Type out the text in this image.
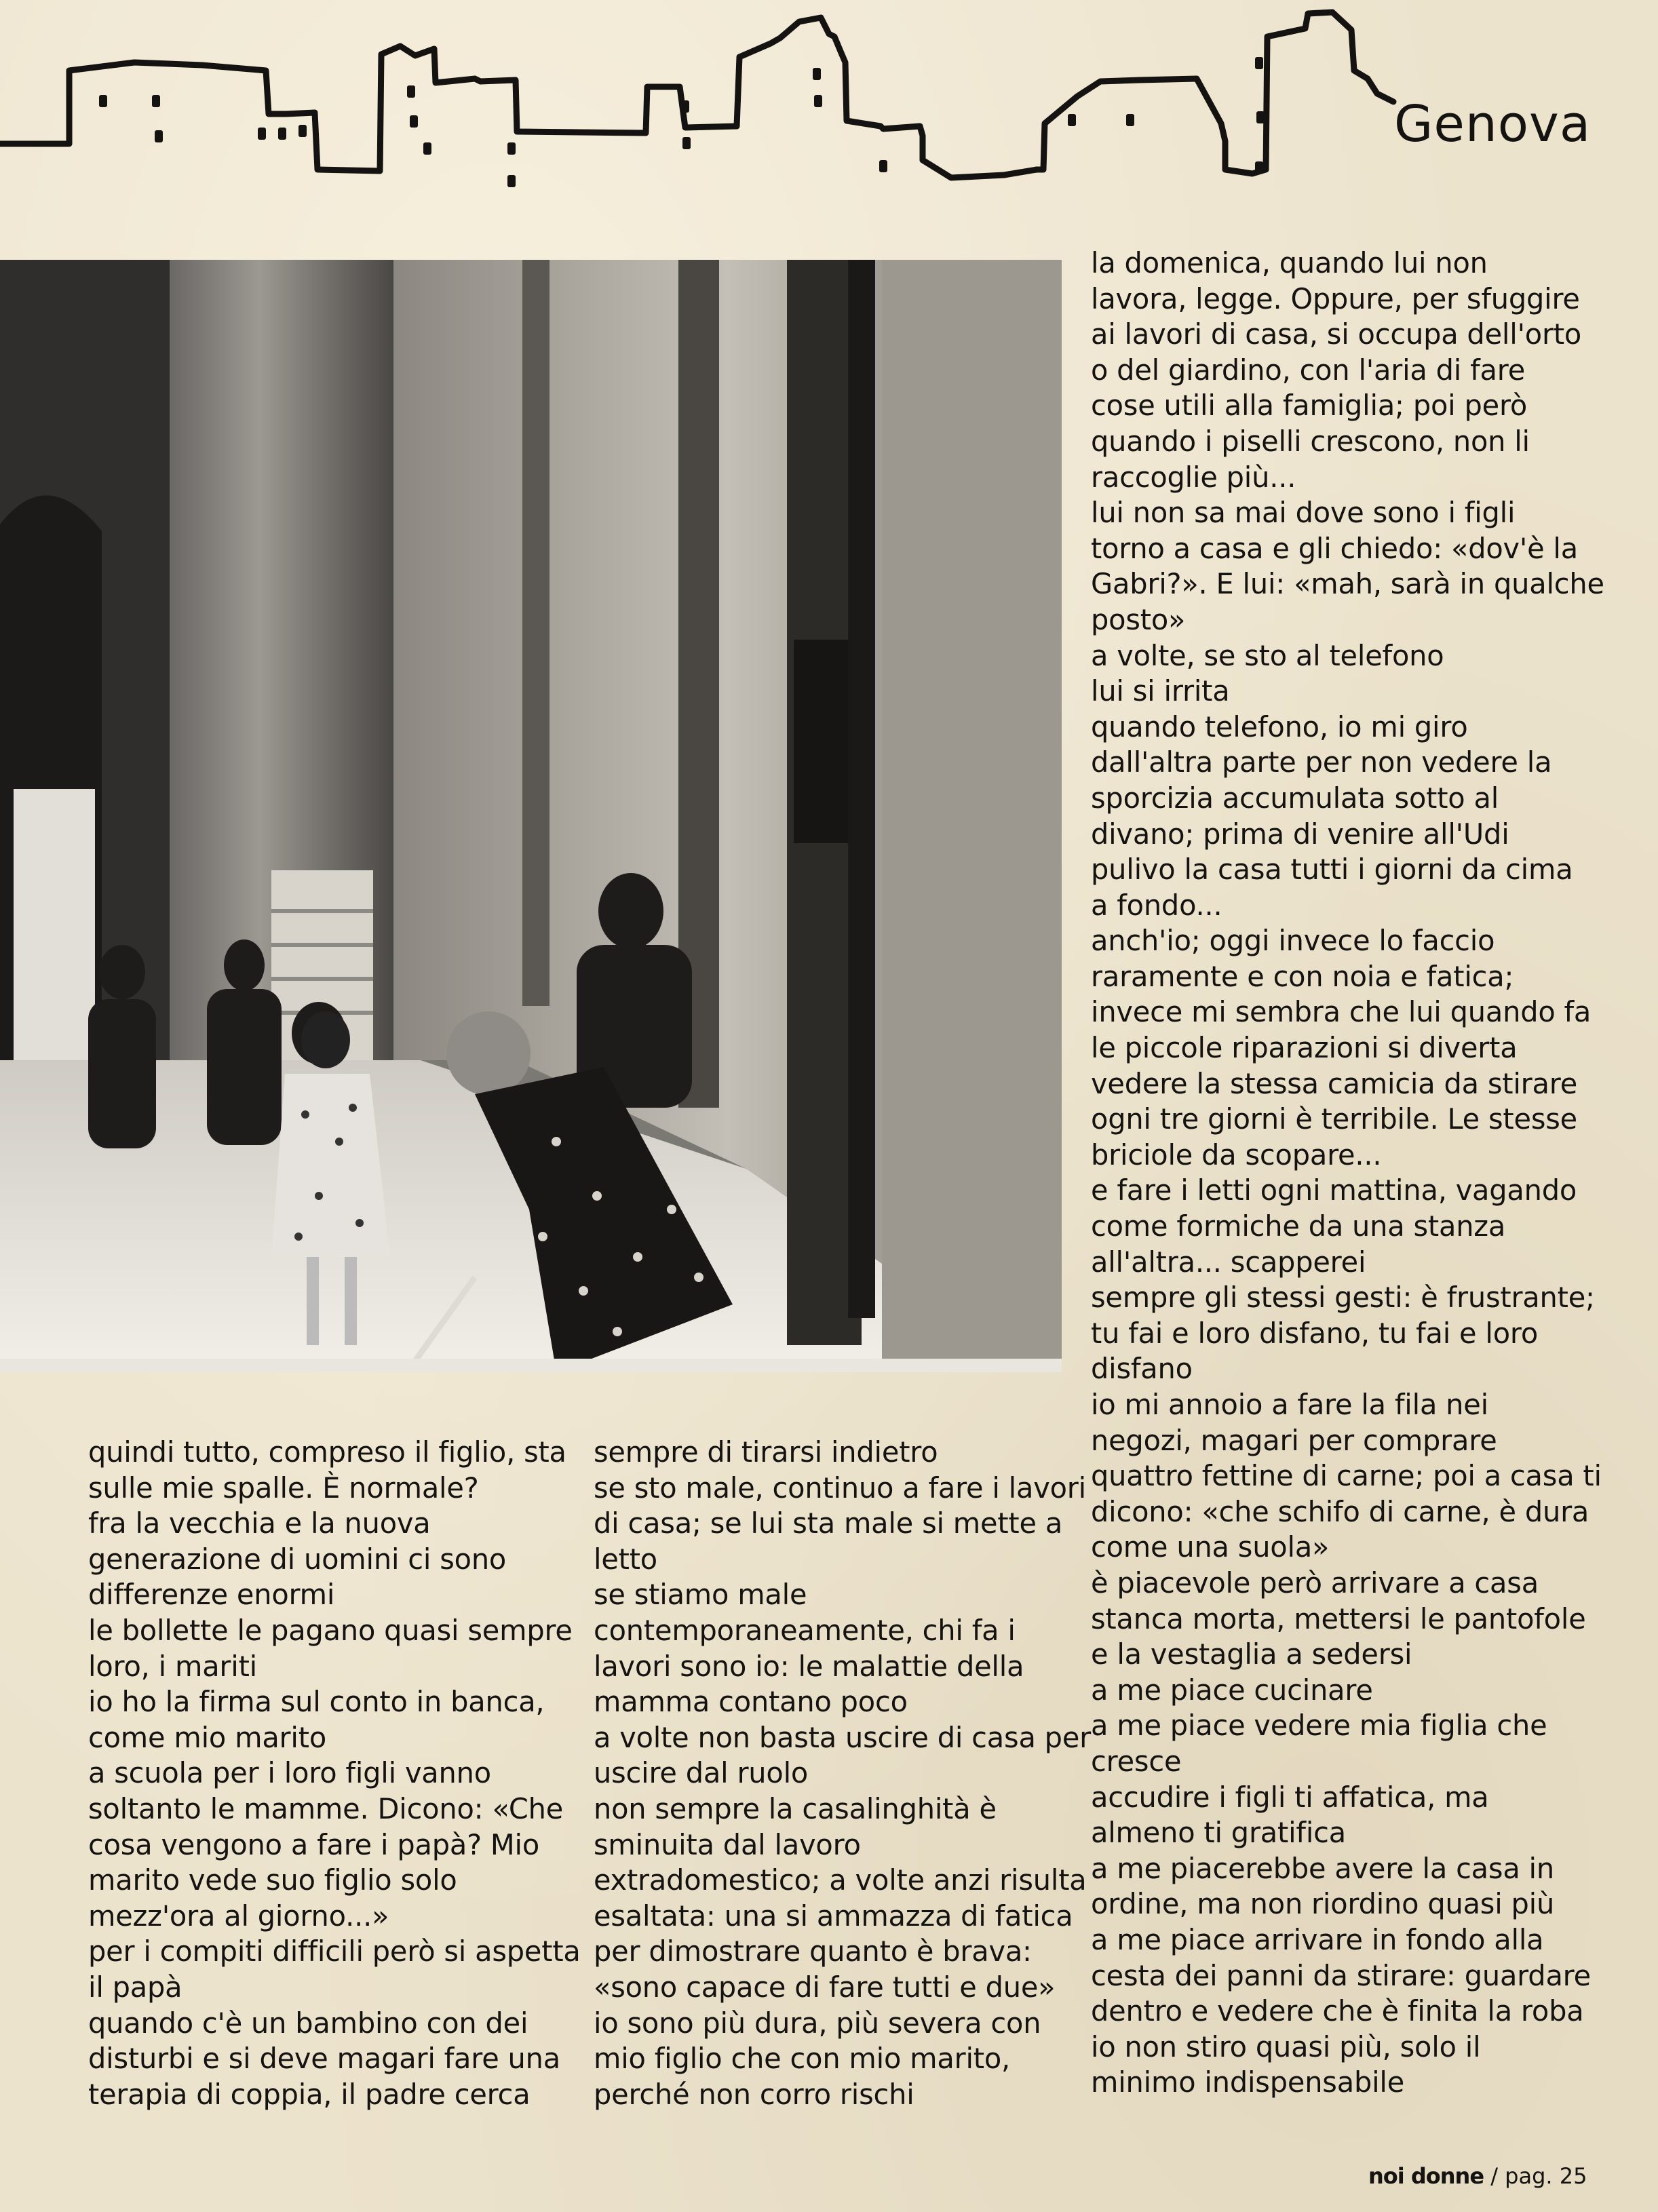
Genova

la domenica, quando lui non

lavora, legge. Oppure, per sfuggire

ai lavori di casa, si occupa dell'orto

o del giardino, con l'aria di fare

cose utili alla famiglia; poi però

quando i piselli crescono, non li

raccoglie più...

lui non sa mai dove sono i figli

torno a casa e gli chiedo: «dov'è la

Gabri?». E lui: «mah, sarà in qualche

posto»

a volte, se sto al telefono

lui si irrita

quando telefono, io mi giro

dall'altra parte per non vedere la

sporcizia accumulata sotto al

divano; prima di venire all'Udi

pulivo la casa tutti i giorni da cima

a fondo...

anch'io; oggi invece lo faccio

raramente e con noia e fatica;

invece mi sembra che lui quando fa

le piccole riparazioni si diverta

vedere la stessa camicia da stirare

ogni tre giorni è terribile. Le stesse

briciole da scopare...

e fare i letti ogni mattina, vagando

come formiche da una stanza

all'altra... scapperei

sempre gli stessi gesti: è frustrante;

tu fai e loro disfano, tu fai e loro

disfano

io mi annoio a fare la fila nei

negozi, magari per comprare

quattro fettine di carne; poi a casa ti

dicono: «che schifo di carne, è dura

come una suola»

è piacevole però arrivare a casa

stanca morta, mettersi le pantofole

e la vestaglia a sedersi

a me piace cucinare

a me piace vedere mia figlia che

cresce

accudire i figli ti affatica, ma

almeno ti gratifica

a me piacerebbe avere la casa in

ordine, ma non riordino quasi più

a me piace arrivare in fondo alla

cesta dei panni da stirare: guardare

dentro e vedere che è finita la roba

io non stiro quasi più, solo il

minimo indispensabile

quindi tutto, compreso il figlio, sta

sulle mie spalle. È normale?

fra la vecchia e la nuova

generazione di uomini ci sono

differenze enormi

le bollette le pagano quasi sempre

loro, i mariti

io ho la firma sul conto in banca,

come mio marito

a scuola per i loro figli vanno

soltanto le mamme. Dicono: «Che

cosa vengono a fare i papà? Mio

marito vede suo figlio solo

mezz'ora al giorno...»

per i compiti difficili però si aspetta

il papà

quando c'è un bambino con dei

disturbi e si deve magari fare una

terapia di coppia, il padre cerca

sempre di tirarsi indietro

se sto male, continuo a fare i lavori

di casa; se lui sta male si mette a

letto

se stiamo male

contemporaneamente, chi fa i

lavori sono io: le malattie della

mamma contano poco

a volte non basta uscire di casa per

uscire dal ruolo

non sempre la casalinghità è

sminuita dal lavoro

extradomestico; a volte anzi risulta

esaltata: una si ammazza di fatica

per dimostrare quanto è brava:

«sono capace di fare tutti e due»

io sono più dura, più severa con

mio figlio che con mio marito,

perché non corro rischi

noi donne / pag. 25
